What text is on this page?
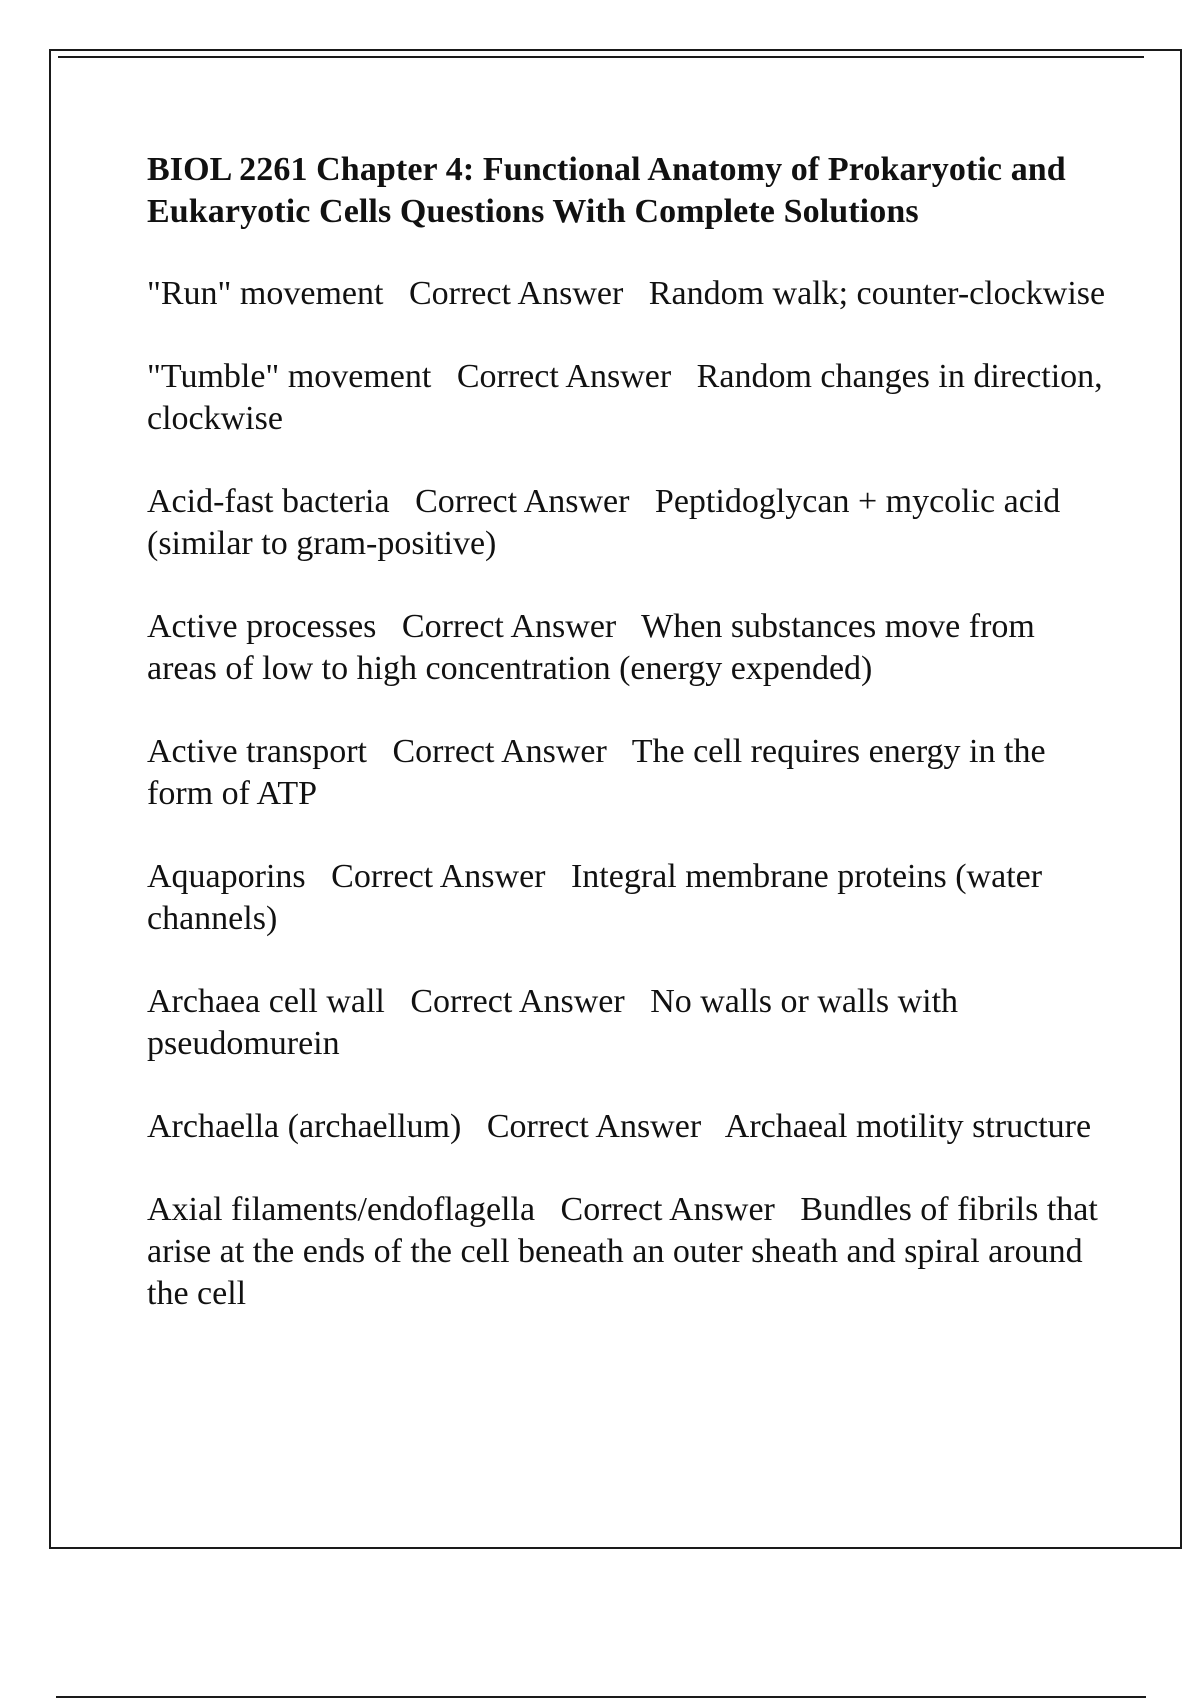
BIOL 2261 Chapter 4: Functional Anatomy of Prokaryotic and Eukaryotic Cells Questions With Complete Solutions

"Run" movement   Correct Answer   Random walk; counter-clockwise

"Tumble" movement   Correct Answer   Random changes in direction, clockwise

Acid-fast bacteria   Correct Answer   Peptidoglycan + mycolic acid (similar to gram-positive)

Active processes   Correct Answer   When substances move from areas of low to high concentration (energy expended)

Active transport   Correct Answer   The cell requires energy in the form of ATP

Aquaporins   Correct Answer   Integral membrane proteins (water channels)

Archaea cell wall   Correct Answer   No walls or walls with pseudomurein

Archaella (archaellum)   Correct Answer   Archaeal motility structure

Axial filaments/endoflagella   Correct Answer   Bundles of fibrils that arise at the ends of the cell beneath an outer sheath and spiral around the cell
